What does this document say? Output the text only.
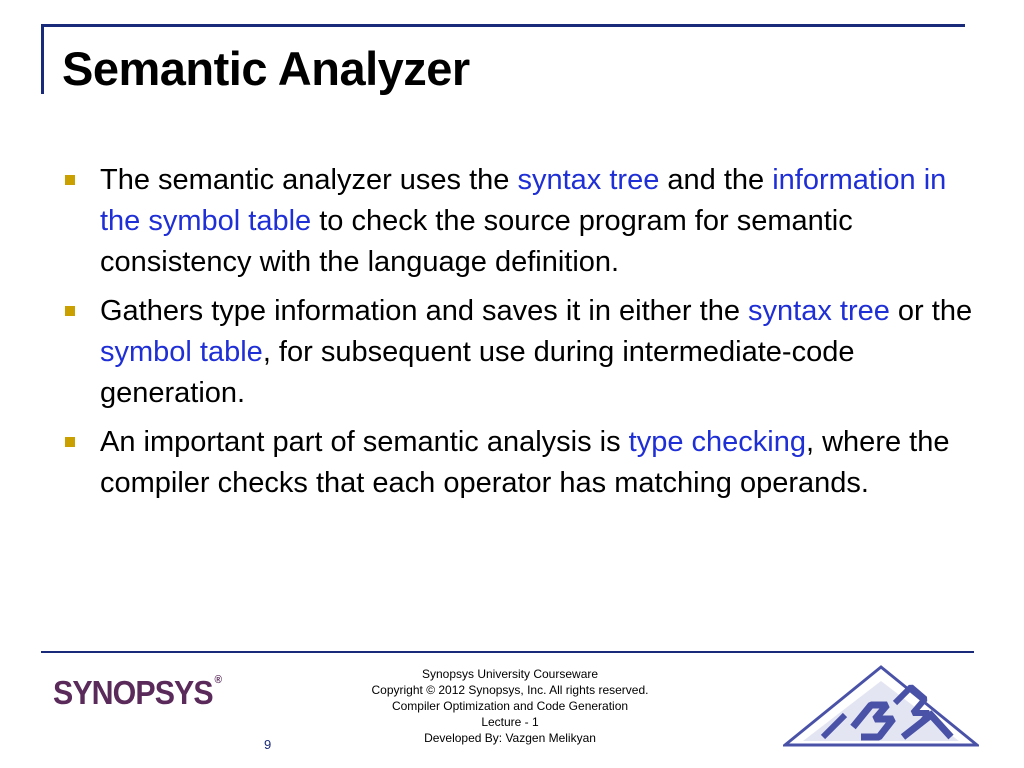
Semantic Analyzer
The semantic analyzer uses the syntax tree and the information in the symbol table to check the source program for semantic consistency with the language definition.
Gathers type information and saves it in either the syntax tree or the symbol table, for subsequent use during intermediate-code generation.
An important part of semantic analysis is type checking, where the compiler checks that each operator has matching operands.
SYNOPSYS ®	Synopsys University Courseware
Copyright © 2012 Synopsys, Inc. All rights reserved.
Compiler Optimization and Code Generation
Lecture - 1
Developed By: Vazgen Melikyan
9
